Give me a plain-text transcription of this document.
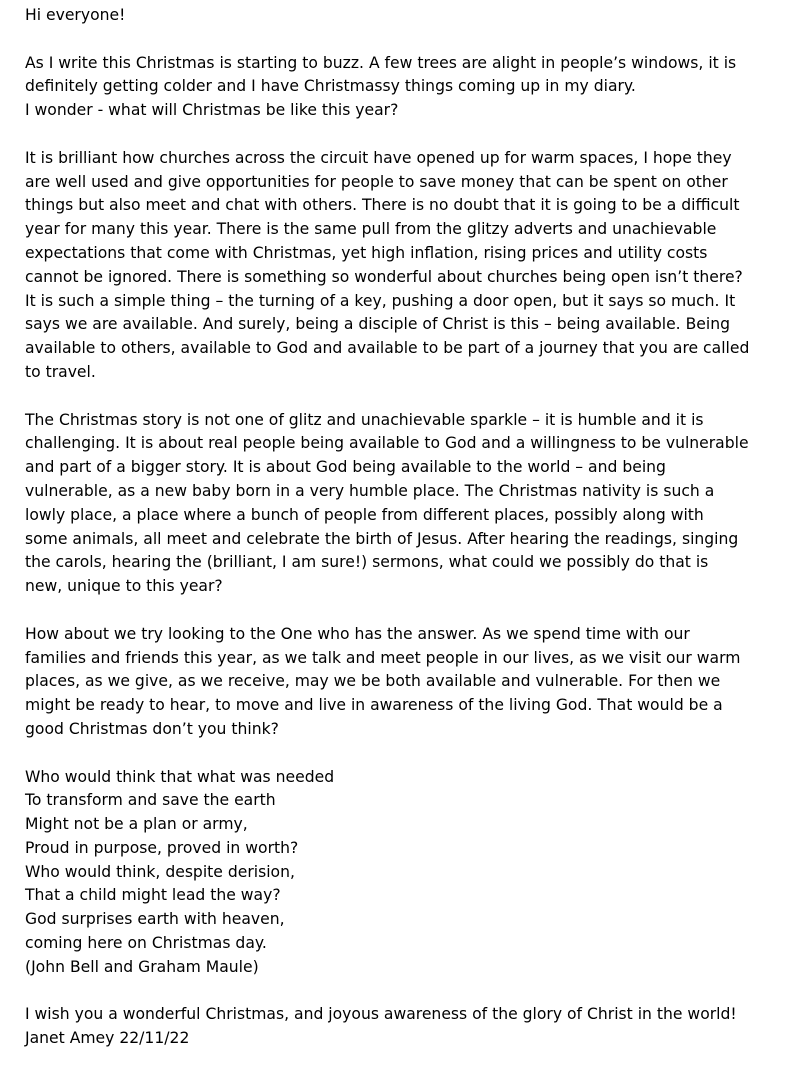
Hi everyone!

As I write this Christmas is starting to buzz. A few trees are alight in people’s windows, it is
definitely getting colder and I have Christmassy things coming up in my diary.
I wonder - what will Christmas be like this year?

It is brilliant how churches across the circuit have opened up for warm spaces, I hope they
are well used and give opportunities for people to save money that can be spent on other
things but also meet and chat with others. There is no doubt that it is going to be a difficult
year for many this year. There is the same pull from the glitzy adverts and unachievable
expectations that come with Christmas, yet high inflation, rising prices and utility costs
cannot be ignored. There is something so wonderful about churches being open isn’t there?
It is such a simple thing – the turning of a key, pushing a door open, but it says so much. It
says we are available. And surely, being a disciple of Christ is this – being available. Being
available to others, available to God and available to be part of a journey that you are called
to travel.

The Christmas story is not one of glitz and unachievable sparkle – it is humble and it is
challenging. It is about real people being available to God and a willingness to be vulnerable
and part of a bigger story. It is about God being available to the world – and being
vulnerable, as a new baby born in a very humble place. The Christmas nativity is such a
lowly place, a place where a bunch of people from different places, possibly along with
some animals, all meet and celebrate the birth of Jesus. After hearing the readings, singing
the carols, hearing the (brilliant, I am sure!) sermons, what could we possibly do that is
new, unique to this year?

How about we try looking to the One who has the answer. As we spend time with our
families and friends this year, as we talk and meet people in our lives, as we visit our warm
places, as we give, as we receive, may we be both available and vulnerable. For then we
might be ready to hear, to move and live in awareness of the living God. That would be a
good Christmas don’t you think?

Who would think that what was needed
To transform and save the earth
Might not be a plan or army,
Proud in purpose, proved in worth?
Who would think, despite derision,
That a child might lead the way?
God surprises earth with heaven,
coming here on Christmas day.
(John Bell and Graham Maule)

I wish you a wonderful Christmas, and joyous awareness of the glory of Christ in the world!
Janet Amey 22/11/22
